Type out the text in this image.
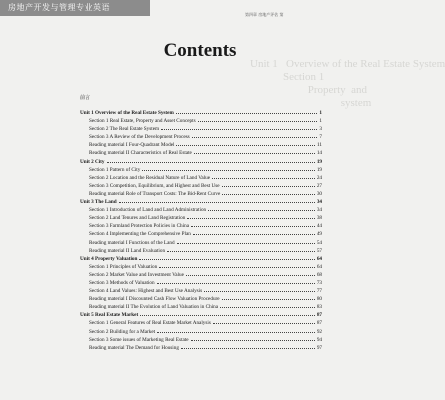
房地产开发与管理专业英语
第四章 房地产评估 第
Unit 1   Overview of the Real Estate System
Section 1
Property  and
system
Contents
前言
Unit 1 Overview of the Real Estate System	1
Section 1 Real Estate, Property and Asset Concepts	1
Section 2 The Real Estate System	3
Section 3 A Review of the Development Process	7
Reading material I Four-Quadrant Model	11
Reading material II Characteristics of Real Estate	14
Unit 2 City	19
Section 1 Pattern of City	19
Section 2 Location and the Residual Nature of Land Value	24
Section 3 Competition, Equilibrium, and Highest and Best Use	27
Reading material Role of Transport Costs: The Bid-Rent Curve	30
Unit 3 The Land	34
Section 1 Introduction of Land and Land Administration	34
Section 2 Land Tenures and Land Registration	38
Section 3 Farmland Protection Policies in China	44
Section 4 Implementing the Comprehensive Plan	49
Reading material I Functions of the Land	54
Reading material II Land Evaluation	57
Unit 4 Property Valuation	64
Section 1 Principles of Valuation	64
Section 2 Market Value and Investment Value	68
Section 3 Methods of Valuation	73
Section 4 Land Values: Highest and Best Use Analysis	77
Reading material I Discounted Cash Flow Valuation Procedure	80
Reading material II The Evolution of Land Valuation in China	83
Unit 5 Real Estate Market	87
Section 1 General Features of Real Estate Market Analysis	87
Section 2 Building for a Market	92
Section 3 Some issues of Marketing Real Estate	94
Reading material The Demand for Housing	97
